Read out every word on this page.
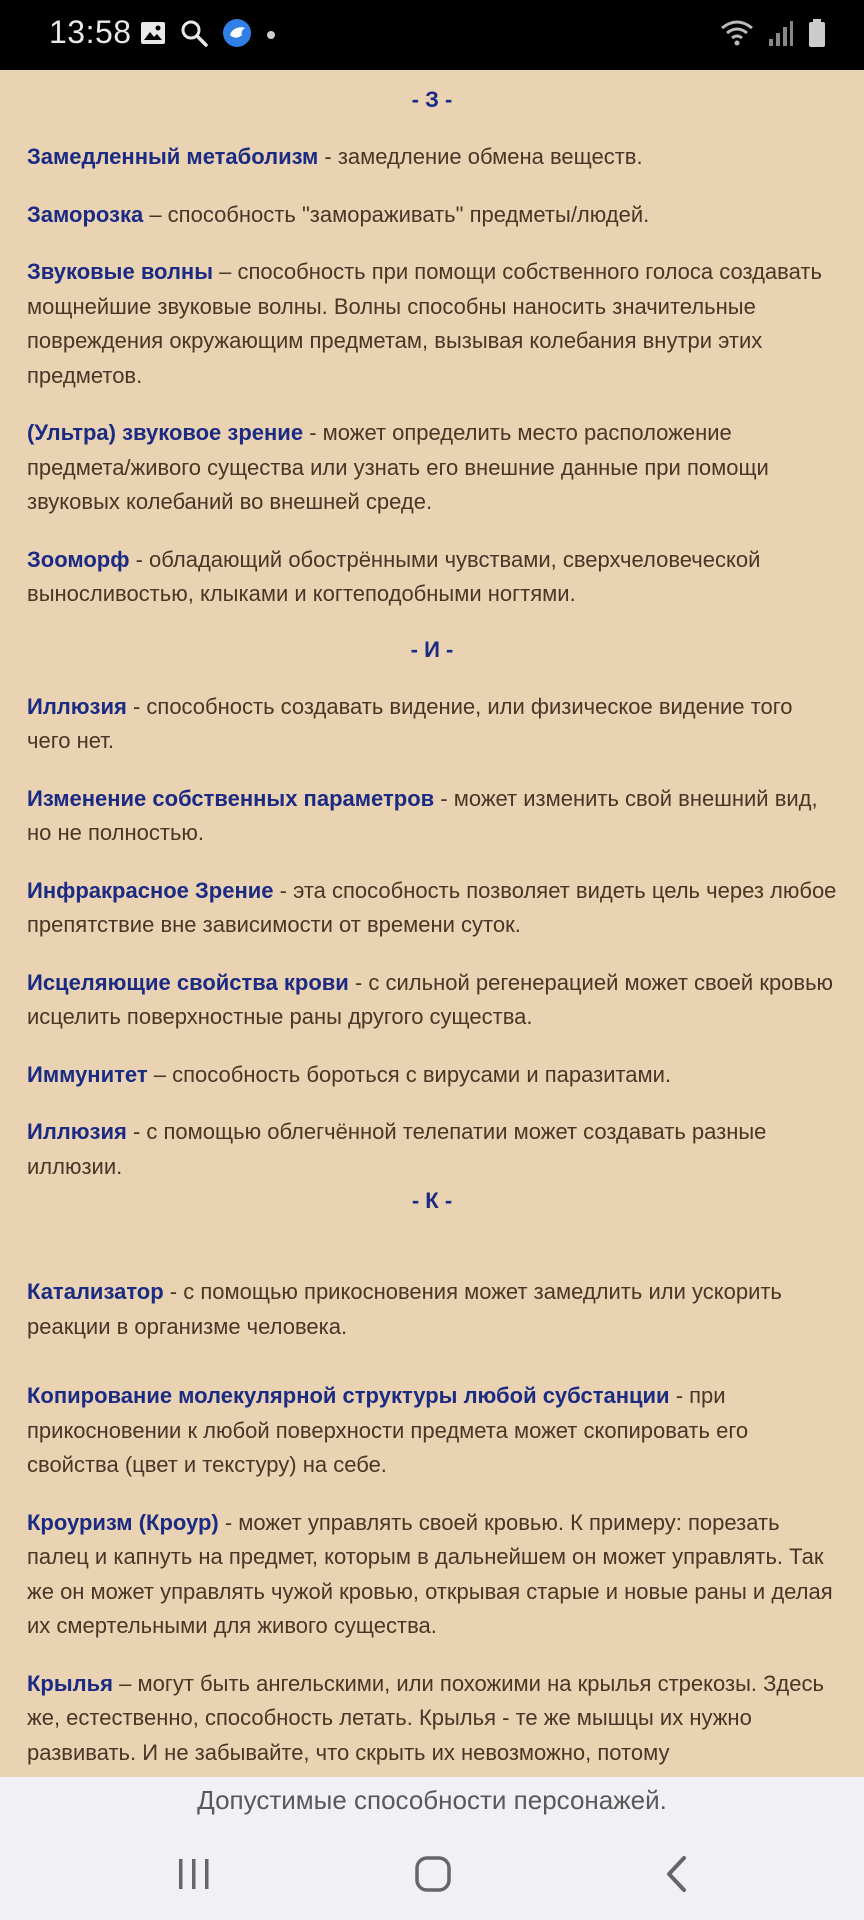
13:58
- З -

Замедленный метаболизм - замедление обмена веществ.

Заморозка – способность "замораживать" предметы/людей.

Звуковые волны – способность при помощи собственного голоса создавать мощнейшие звуковые волны. Волны способны наносить значительные повреждения окружающим предметам, вызывая колебания внутри этих предметов.

(Ультра) звуковое зрение - может определить место расположение предмета/живого существа или узнать его внешние данные при помощи звуковых колебаний во внешней среде.

Зооморф - обладающий обострёнными чувствами, сверхчеловеческой выносливостью, клыками и когтеподобными ногтями.

- И -

Иллюзия - способность создавать видение, или физическое видение того чего нет.

Изменение собственных параметров - может изменить свой внешний вид, но не полностью.

Инфракрасное Зрение - эта способность позволяет видеть цель через любое препятствие вне зависимости от времени суток.

Исцеляющие свойства крови - с сильной регенерацией может своей кровью исцелить поверхностные раны другого существа.

Иммунитет – способность бороться с вирусами и паразитами.

Иллюзия - с помощью облегчённой телепатии может создавать разные иллюзии.

- К -

Катализатор - с помощью прикосновения может замедлить или ускорить реакции в организме человека.

Копирование молекулярной структуры любой субстанции - при прикосновении к любой поверхности предмета может скопировать его свойства (цвет и текстуру) на себе.

Кроуризм (Кроур) - может управлять своей кровью. К примеру: порезать палец и капнуть на предмет, которым в дальнейшем он может управлять. Так же он может управлять чужой кровью, открывая старые и новые раны и делая их смертельными для живого существа.

Крылья – могут быть ангельскими, или похожими на крылья стрекозы. Здесь же, естественно, способность летать. Крылья - те же мышцы их нужно развивать. И не забывайте, что скрыть их невозможно, потому

Допустимые способности персонажей.
